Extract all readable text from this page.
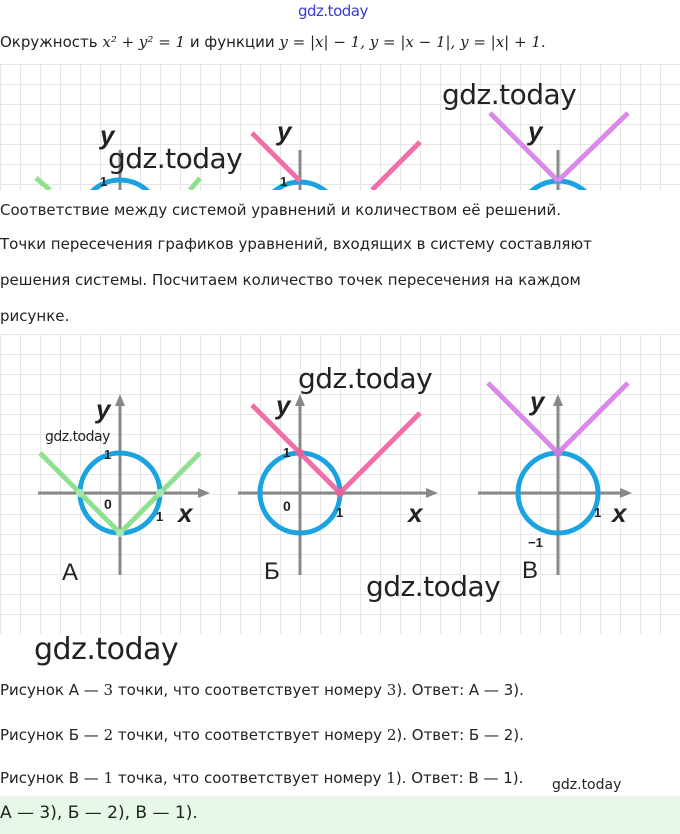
gdz.today
Окружность x² + y² = 1 и функции y = |x| − 1, y = |x − 1|, y = |x| + 1.
y
1
y
1
y
gdz.today
gdz.today
Соответствие между системой уравнений и количеством её решений.
Точки пересечения графиков уравнений, входящих в систему составляют
решения системы. Посчитаем количество точек пересечения на каждом
рисунке.
y
x
1
0
1
А
y
x
1
0	1
Б
y
x
1
−1
В
gdz.today
gdz.today
gdz.today
gdz.today
Рисунок А — 3 точки, что соответствует номеру 3). Ответ: А — 3).
Рисунок Б — 2 точки, что соответствует номеру 2). Ответ: Б — 2).
Рисунок В — 1 точка, что соответствует номеру 1). Ответ: В — 1). gdz.today
А — 3), Б — 2), В — 1).
